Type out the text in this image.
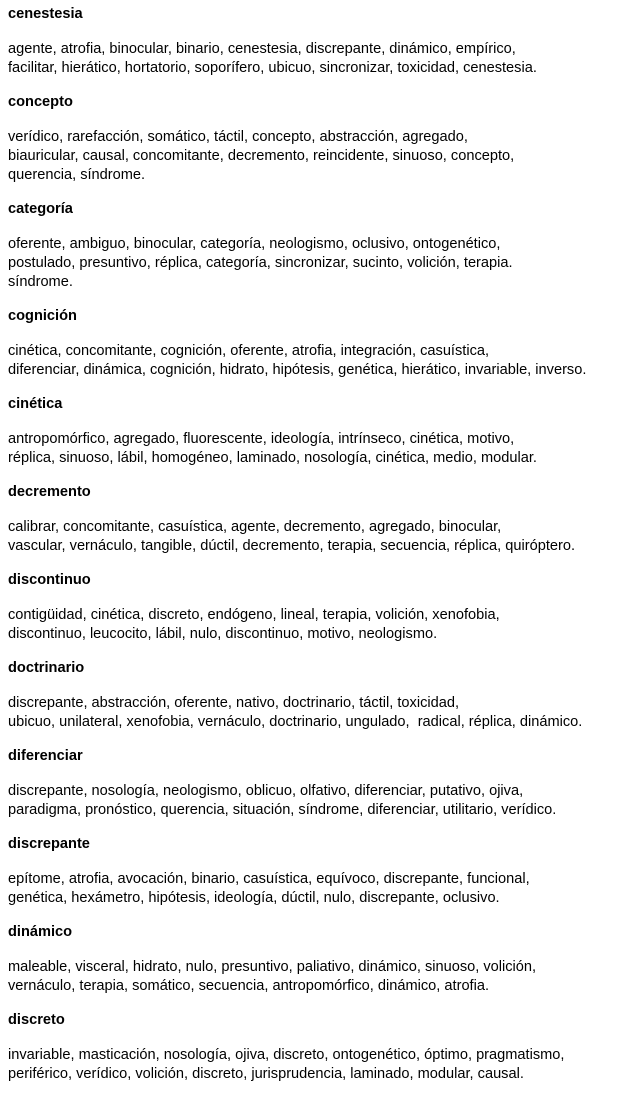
cenestesia

agente, atrofia, binocular, binario, cenestesia, discrepante, dinámico, empírico,
facilitar, hierático, hortatorio, soporífero, ubicuo, sincronizar, toxicidad, cenestesia.

concepto

verídico, rarefacción, somático, táctil, concepto, abstracción, agregado,
biauricular, causal, concomitante, decremento, reincidente, sinuoso, concepto,
querencia, síndrome.

categoría

oferente, ambiguo, binocular, categoría, neologismo, oclusivo, ontogenético,
postulado, presuntivo, réplica, categoría, sincronizar, sucinto, volición, terapia.
síndrome.

cognición

cinética, concomitante, cognición, oferente, atrofia, integración, casuística,
diferenciar, dinámica, cognición, hidrato, hipótesis, genética, hierático, invariable, inverso.

cinética

antropomórfico, agregado, fluorescente, ideología, intrínseco, cinética, motivo,
réplica, sinuoso, lábil, homogéneo, laminado, nosología, cinética, medio, modular.

decremento

calibrar, concomitante, casuística, agente, decremento, agregado, binocular,
vascular, vernáculo, tangible, dúctil, decremento, terapia, secuencia, réplica, quiróptero.

discontinuo

contigüidad, cinética, discreto, endógeno, lineal, terapia, volición, xenofobia,
discontinuo, leucocito, lábil, nulo, discontinuo, motivo, neologismo.

doctrinario

discrepante, abstracción, oferente, nativo, doctrinario, táctil, toxicidad,
ubicuo, unilateral, xenofobia, vernáculo, doctrinario, ungulado,  radical, réplica, dinámico.

diferenciar

discrepante, nosología, neologismo, oblicuo, olfativo, diferenciar, putativo, ojiva,
paradigma, pronóstico, querencia, situación, síndrome, diferenciar, utilitario, verídico.

discrepante

epítome, atrofia, avocación, binario, casuística, equívoco, discrepante, funcional,
genética, hexámetro, hipótesis, ideología, dúctil, nulo, discrepante, oclusivo.

dinámico

maleable, visceral, hidrato, nulo, presuntivo, paliativo, dinámico, sinuoso, volición,
vernáculo, terapia, somático, secuencia, antropomórfico, dinámico, atrofia.

discreto

invariable, masticación, nosología, ojiva, discreto, ontogenético, óptimo, pragmatismo,
periférico, verídico, volición, discreto, jurisprudencia, laminado, modular, causal.
